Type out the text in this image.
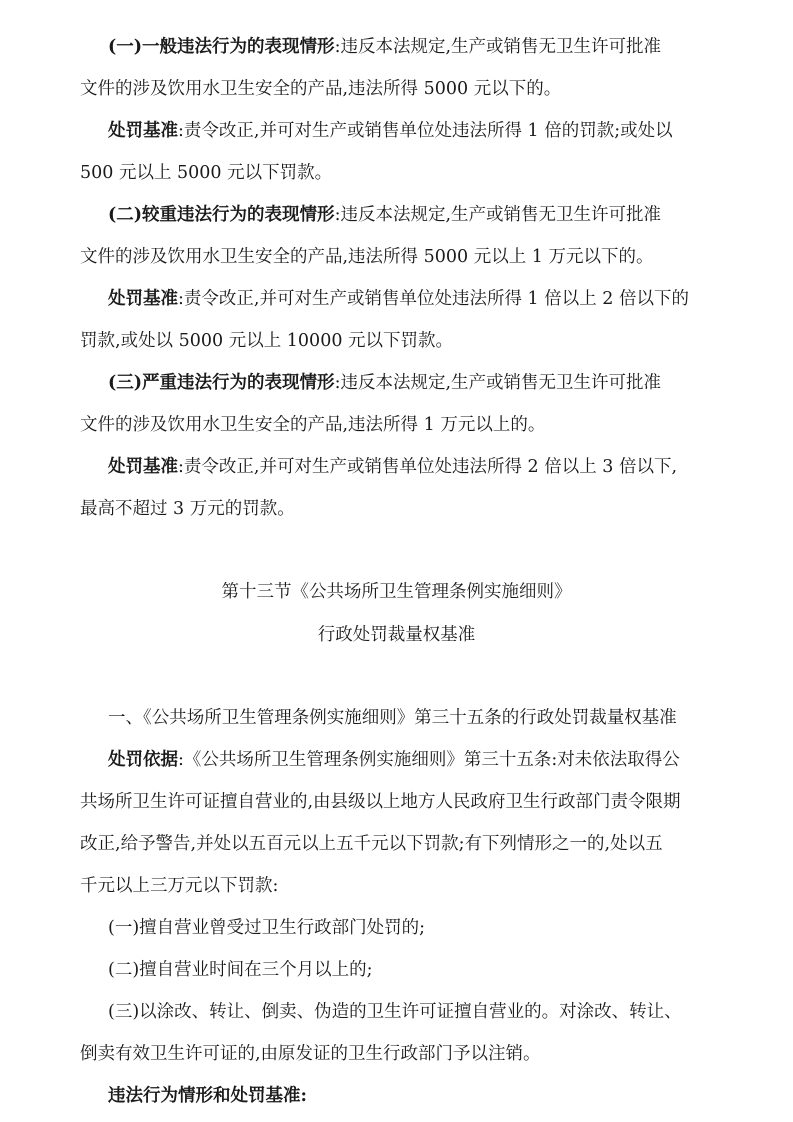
(一)一般违法行为的表现情形:违反本法规定,生产或销售无卫生许可批准
文件的涉及饮用水卫生安全的产品,违法所得 5000 元以下的。
处罚基准:责令改正,并可对生产或销售单位处违法所得 1 倍的罚款;或处以
500 元以上 5000 元以下罚款。
(二)较重违法行为的表现情形:违反本法规定,生产或销售无卫生许可批准
文件的涉及饮用水卫生安全的产品,违法所得 5000 元以上 1 万元以下的。
处罚基准:责令改正,并可对生产或销售单位处违法所得 1 倍以上 2 倍以下的
罚款,或处以 5000 元以上 10000 元以下罚款。
(三)严重违法行为的表现情形:违反本法规定,生产或销售无卫生许可批准
文件的涉及饮用水卫生安全的产品,违法所得 1 万元以上的。
处罚基准:责令改正,并可对生产或销售单位处违法所得 2 倍以上 3 倍以下,
最高不超过 3 万元的罚款。
第十三节《公共场所卫生管理条例实施细则》
行政处罚裁量权基准
一、《公共场所卫生管理条例实施细则》第三十五条的行政处罚裁量权基准
处罚依据:《公共场所卫生管理条例实施细则》第三十五条:对未依法取得公
共场所卫生许可证擅自营业的,由县级以上地方人民政府卫生行政部门责令限期
改正,给予警告,并处以五百元以上五千元以下罚款;有下列情形之一的,处以五
千元以上三万元以下罚款:
(一)擅自营业曾受过卫生行政部门处罚的;
(二)擅自营业时间在三个月以上的;
(三)以涂改、转让、倒卖、伪造的卫生许可证擅自营业的。对涂改、转让、
倒卖有效卫生许可证的,由原发证的卫生行政部门予以注销。
违法行为情形和处罚基准:
